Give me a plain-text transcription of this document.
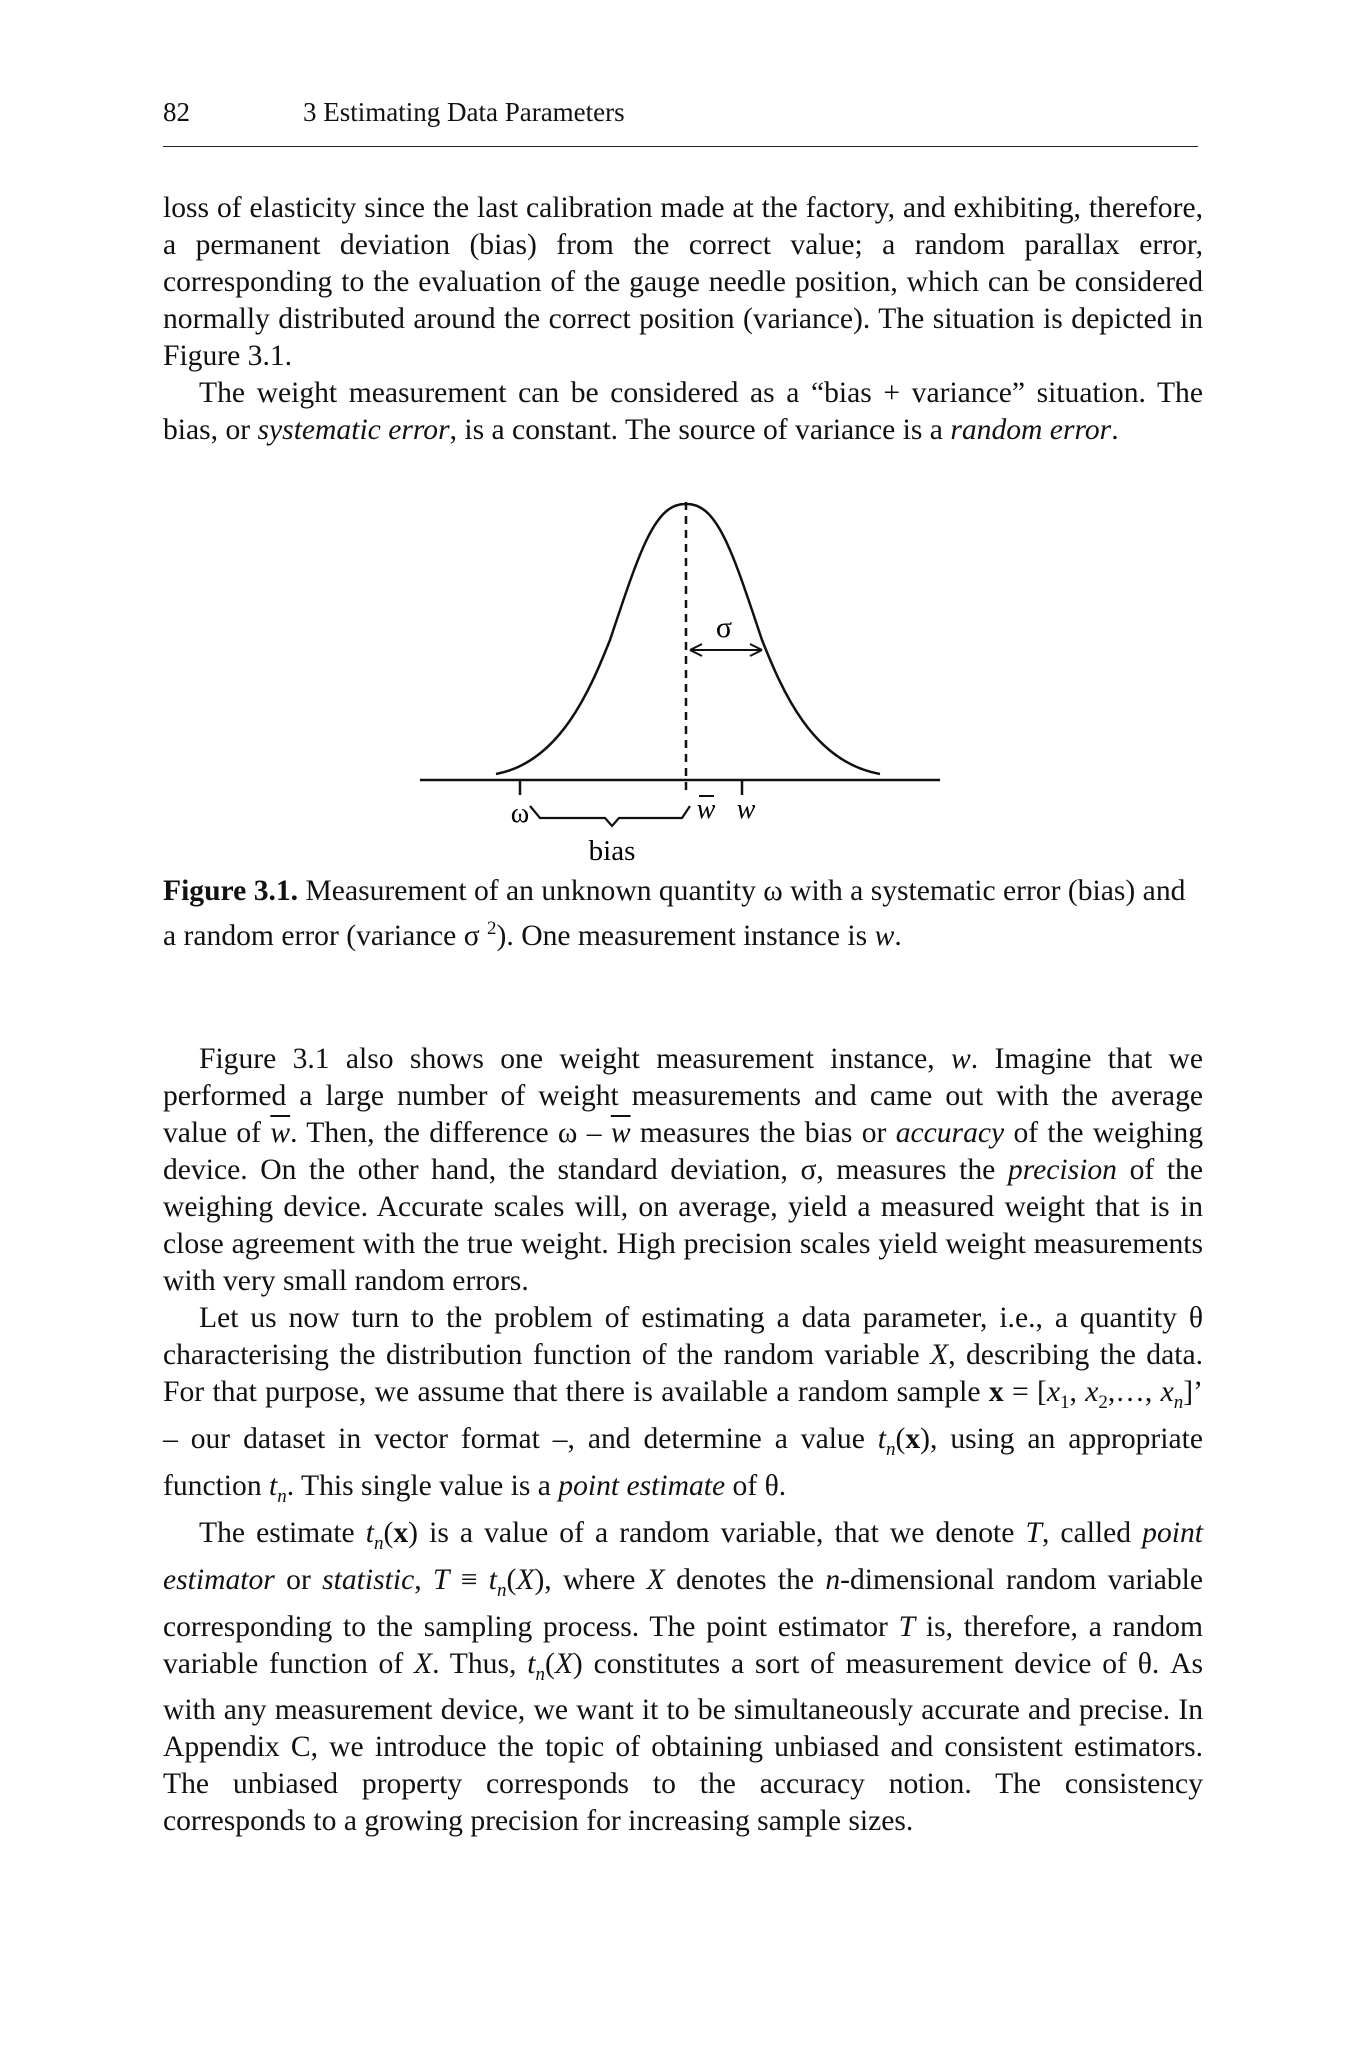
82	3 Estimating Data Parameters

loss of elasticity since the last calibration made at the factory, and exhibiting, therefore, a permanent deviation (bias) from the correct value; a random parallax error, corresponding to the evaluation of the gauge needle position, which can be considered normally distributed around the correct position (variance). The situation is depicted in Figure 3.1.

The weight measurement can be considered as a “bias + variance” situation. The bias, or systematic error, is a constant. The source of variance is a random error.

σ
ω	w w
bias
Figure 3.1. Measurement of an unknown quantity ω with a systematic error (bias) and a random error (variance σ $^2$). One measurement instance is w.

Figure 3.1 also shows one weight measurement instance, w. Imagine that we performed a large number of weight measurements and came out with the average value of $\overline{w}$. Then, the difference ω – $\overline{w}$ measures the bias or accuracy of the weighing device. On the other hand, the standard deviation, σ, measures the precision of the weighing device. Accurate scales will, on average, yield a measured weight that is in close agreement with the true weight. High precision scales yield weight measurements with very small random errors.

Let us now turn to the problem of estimating a data parameter, i.e., a quantity θ characterising the distribution function of the random variable X, describing the data. For that purpose, we assume that there is available a random sample $x = [x_1$, $x_2,\dots$, $x_n$]’ – our dataset in vector format –, and determine a value $t_n(x)$, using an appropriate function $t_n$. This single value is a point estimate of θ.

The estimate $t_n(x)$ is a value of a random variable, that we denote T, called point estimator or statistic, $T \equiv t_n(X)$, where X denotes the n-dimensional random variable corresponding to the sampling process. The point estimator T is, therefore, a random variable function of X. Thus, $t_n(X)$ constitutes a sort of measurement device of θ. As with any measurement device, we want it to be simultaneously accurate and precise. In Appendix C, we introduce the topic of obtaining unbiased and consistent estimators. The unbiased property corresponds to the accuracy notion. The consistency corresponds to a growing precision for increasing sample sizes.
